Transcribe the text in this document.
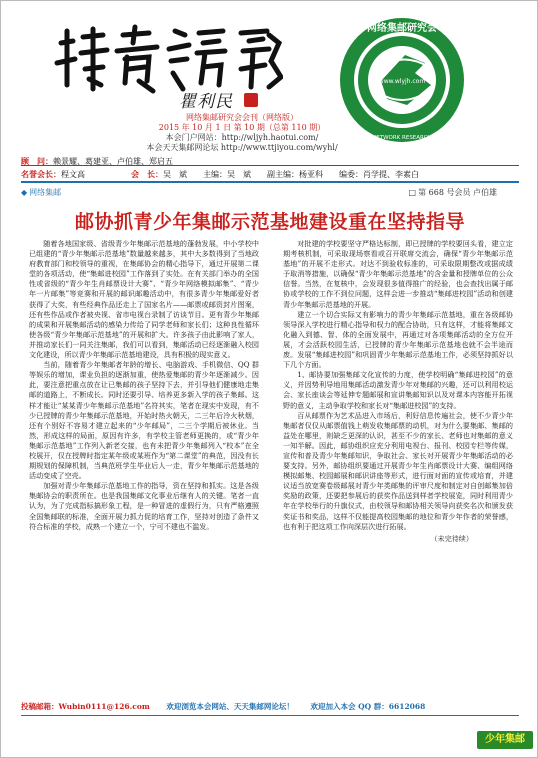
瞿利民
网络集邮研究会
PHILATELY NETWORK RESEARCH INSTITUTE
www.wlyjh.com
网络集邮研究会会刊（网络版）
2015 年 10 月 1 日 第 10 期（总第 110 期）
本会门户网站：http://wljyh.haotui.com/
本会天天集邮网论坛 http://www.ttjiyou.com/wyhl/
顾　问：赖景耀、葛建亚、卢伯雄、郑启五
名誉会长：程文高	会　长：吴　斌　　 主编：吴　斌　　副主编：杨亚科　　编委：肖学提、李素白
◆ 网络集邮
□	第 668 号会员 卢伯雄
邮协抓青少年集邮示范基地建设重在坚持指导

随着各地国家级、省级青少年集邮示范基地的蓬勃发展，中小学校中已组建的“青少年集邮示范基地”数量越来越多，其中大多数得到了当地政府教育部门和校领导的重视，在集邮协会的精心指导下，通过开展第二课堂的各项活动，使“集邮进校园”工作落到了实处。在有关部门举办的全国性或省级的“青少年生肖邮票设计大赛”、“青少年网络模拟邮集”、“青少年一片邮集”等竞赛和开展的邮识邮趣活动中，有很多青少年集邮爱好者获得了大奖，有些经典作品还走上了国家名片——邮票或邮资封片图案，还有些作品或作者被央视、省市电视台录制了访谈节目。更有青少年集邮的成果和开展集邮活动的感染力传给了同学老师和家长们；这种良性循环使各级“青少年集邮示范基地”的开展和扩大。许多孩子由此影响了家人，并推动家长们一同关注集邮，我们可以看到，集邮活动已经逐渐融入校园文化建设，所以青少年集邮示范基地建设，具有积极的现实意义。

当前，随着青少年集邮者年龄的增长、电脑游戏、手机微信、QQ 群等娱乐的增加，课业负担的逐渐加重，使热爱集邮的青少年逐渐减少。因此，要注意把重点放在让已集邮的孩子坚持下去，并引导他们健康地走集邮的道路上，不断成长。同时还要引导、培养更多新入学的孩子集邮。这样才能让“某某青少年集邮示范基地”名符其实，笔者在现实中发现，有不少已授牌的青少年集邮示范基地，开始时热火朝天，二三年后冷火秋烟，还有个别好不容易才建立起来的“少年邮局”，二三个学期后被休业。当然，形成这样的局面，原因有许多，有学校主管老师更换的，或“青少年集邮示范基地”工作列入新老交接，也有未把青少年集邮列入“校本”在全校展开，仅在授牌时指定某年级或某班作为“第二课堂”的典范，因没有长期规划的保障机制，当典范班学生毕业后人一走，青少年集邮示范基地的活动变成了空壳。

加强对青少年集邮示范基地工作的指导，资在坚持和抓实。这是各级集邮协会的职责所在。也是我国集邮文化事业后继有人的关键。笔者一直认为，为了完成指标搞形象工程，是一种冒进的虚假行为，只有严格遵照全国集邮联的标准，全面开展力抓力促的培育工作，坚持对创造了条件又符合标准的学校，成熟一个建立一个，宁可不建也不滥发。

对批建的学校要坚守严格达标制，即已授牌的学校要回头看，建立定期考核机制，可采取现场察看或召开联席交流会，确保“青少年集邮示范基地”的开展不走形式。对达不到验收标准的，可采取限期整改或据成绩予取消等措施，以确保“青少年集邮示范基地”的含金量和授牌单位的公众信誉。当然，在复核中，会发现很多值得推广的经验，也会查找出属于邮协或学校的工作不到位问题，这样会进一步推动“集邮进校园”活动和创建青少年集邮示范基地的开展。

建立一个切合实际又有影响力的青少年集邮示范基地，重在各级邮协领导深入学校进行精心指导和权力的配合协助，只有这样，才能将集邮文化融入到德、智、体的全面发展中，再通过对各项集邮活动的全方位开展，才会活跃校园生活，已授牌的青少年集邮示范基地也就不会半途而废。发展“集邮进校园”和巩固青少年集邮示范基地工作，必须坚持抓好以下几个方面。

1、邮协要加强集邮文化宣传的力度，使学校明确“集邮进校园”的意义，并因势利导地用集邮活动激发青少年对集邮的兴趣，还可以利用校运会、家长座谈会等延伸专题邮展和宣讲集邮知识以及对课本内容能开拓视野的意义，主动争取学校和家长对“集邮进校园”的支持。

百从邮票作为艺术品进入市场后，利好信息传遍社会，使不少青少年集邮者仅仅从邮票值钱上萌发收集邮票的动机，对为什么要集邮、集邮的益处在哪里，则缺乏更深的认识，甚至不少的家长、老师也对集邮的意义一知半解。因此，邮协组织应充分利用电视台、报刊、校园专栏等传媒，宣传和普及青少年集邮知识，争取社会、家长对开展青少年集邮活动的必要支持。另外，邮协组织要通过开展青少年生肖邮票设计大赛、编组网络模拟邮集、校园邮展和邮识讲座等形式，进行面对面的宣传或培育，并建议适当放宽赛卷级邮展对青少年类邮集的评审尺度和制定对自创邮集加倍奖励的政策，还要把参展后的获奖作品送到样者学校展览，同时利用青少年在学校举行的升旗仪式，由校领导和邮协相关领导向获奖名次和颁发获奖证书和奖品，这样不仅能提高校园集邮的地位和青少年作者的荣誉感，也有利于把这项工作向深层次进行拓展。

（未完待续）
投稿邮箱：Wubin0111@126.com 欢迎浏览本会网站、天天集邮网论坛！ 欢迎加入本会 QQ 群：6612068
少年集邮
